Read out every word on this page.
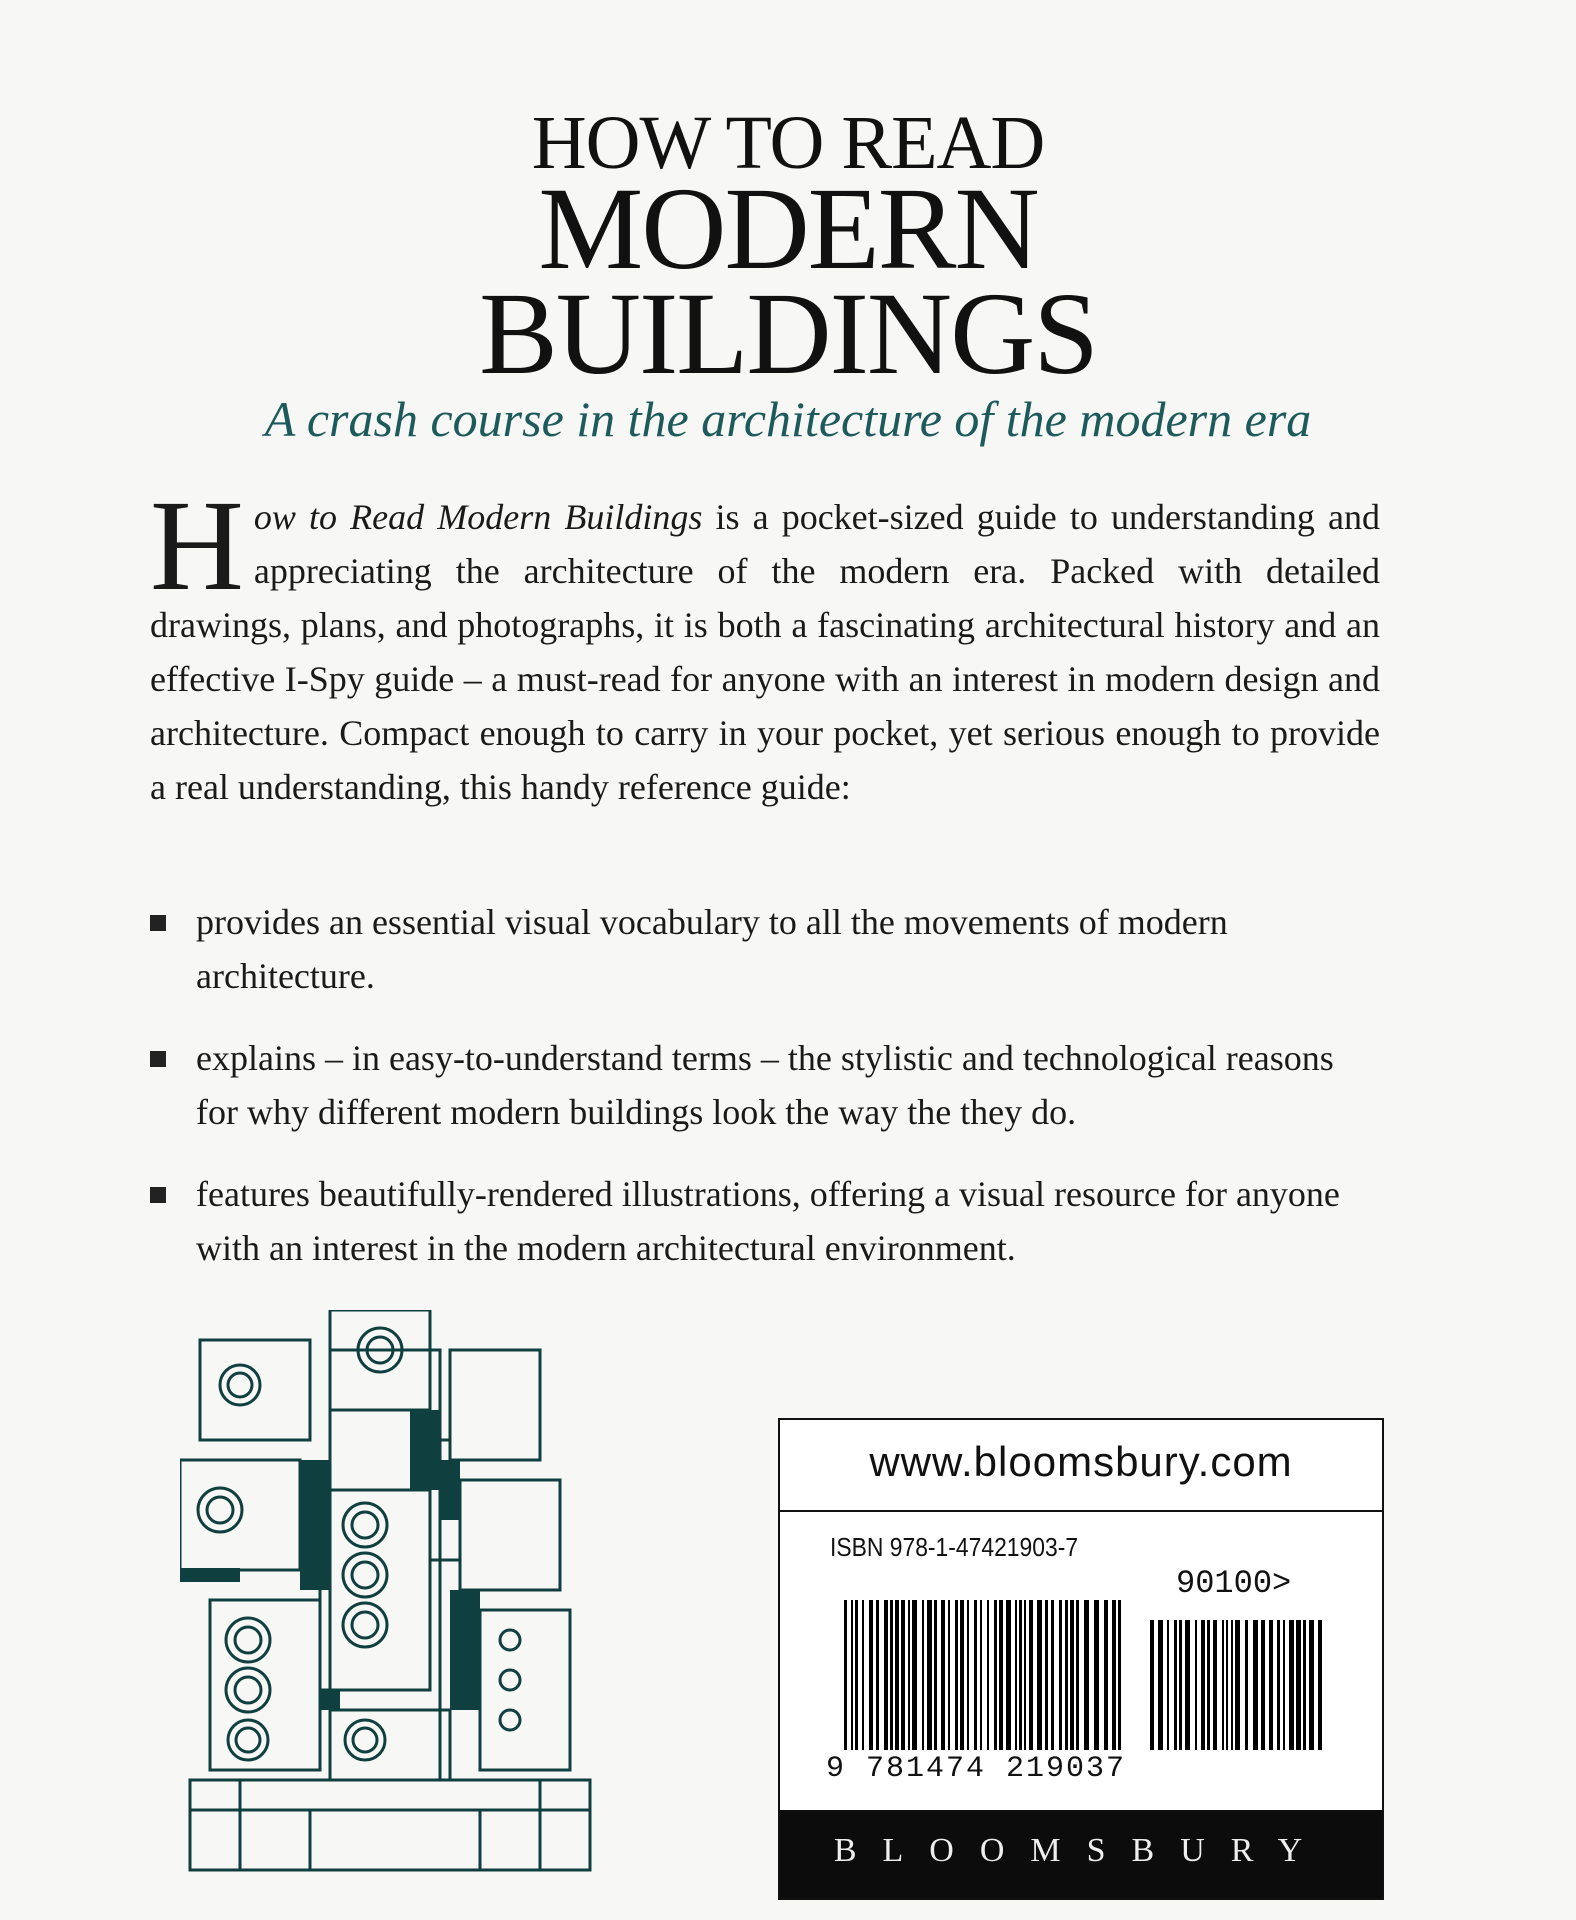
HOW TO READ
MODERN
BUILDINGS

A crash course in the architecture of the modern era

How to Read Modern Buildings is a pocket-sized guide to understanding and appreciating the architecture of the modern era. Packed with detailed drawings, plans, and photographs, it is both a fascinating architectural history and an effective I-Spy guide – a must-read for anyone with an interest in modern design and architecture. Compact enough to carry in your pocket, yet serious enough to provide a real understanding, this handy reference guide:

provides an essential visual vocabulary to all the movements of modern architecture.
explains – in easy-to-understand terms – the stylistic and technological reasons for why different modern buildings look the way the they do.
features beautifully-rendered illustrations, offering a visual resource for anyone with an interest in the modern architectural environment.
www.bloomsbury.com
ISBN 978-1-47421903-7
90100>
9 781474 219037
BLOOMSBURY
